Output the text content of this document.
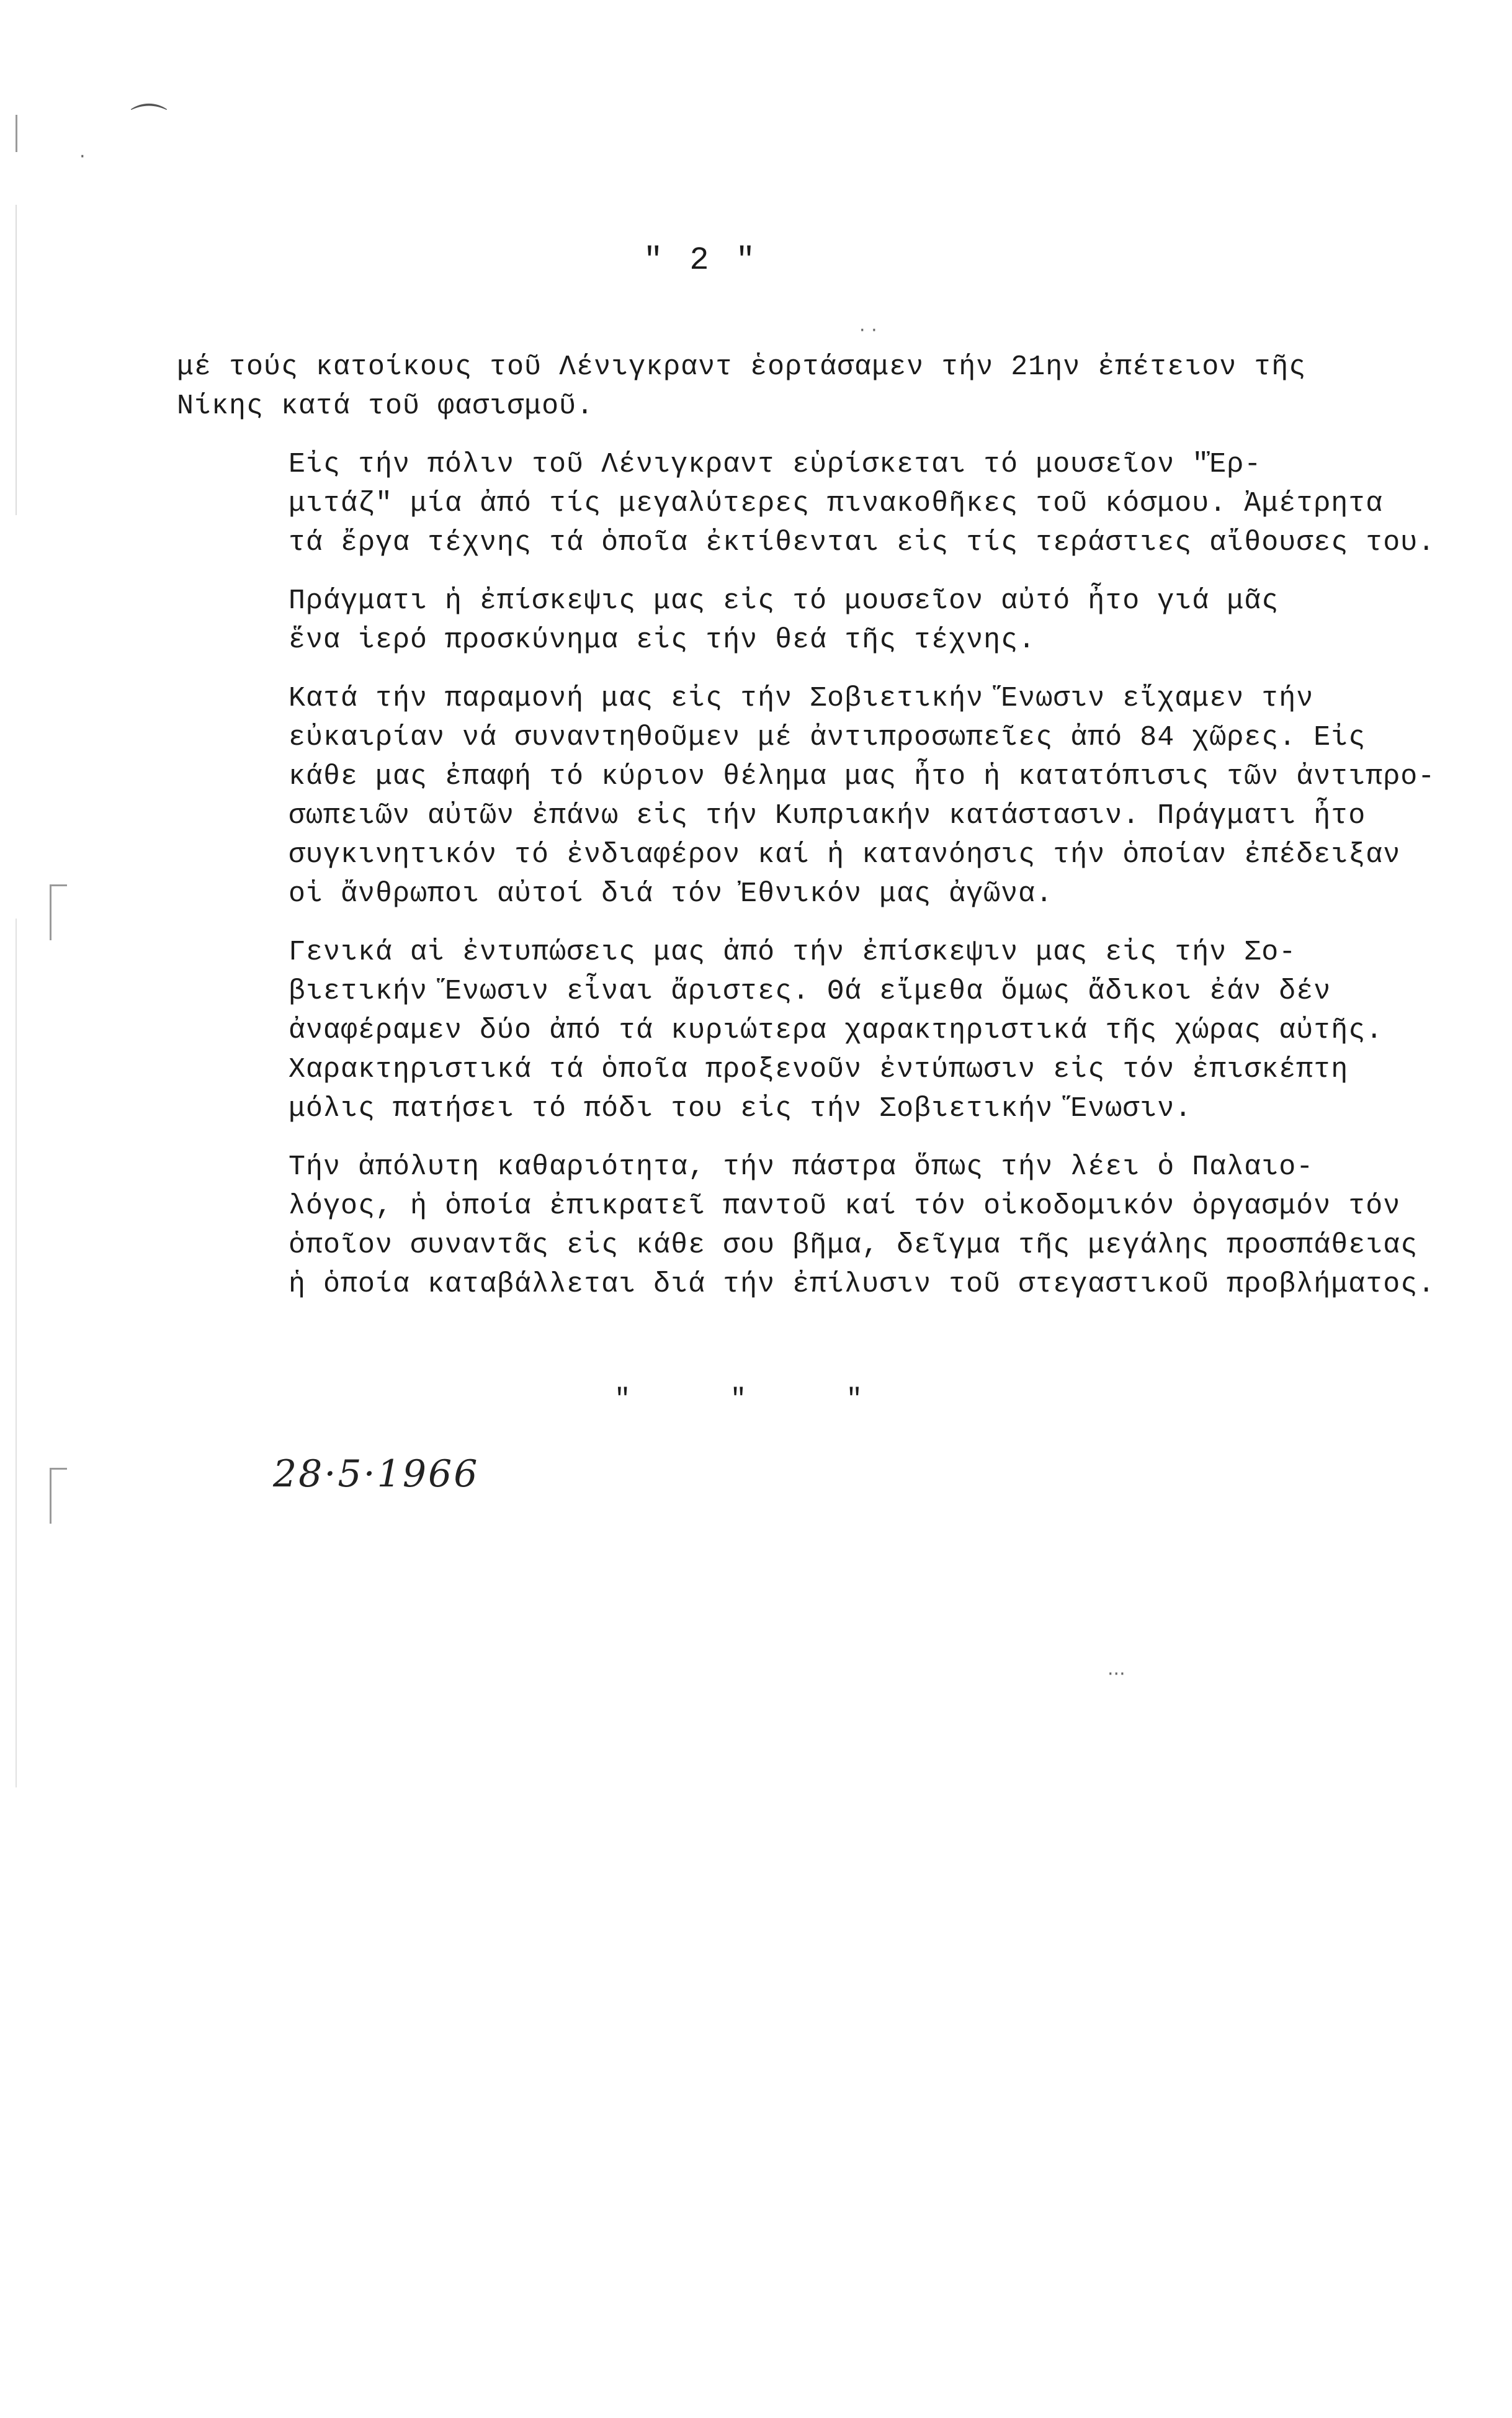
⌒
·
···
· ·
" 2 "

μέ τούς κατοίκους τοῦ Λένιγκραντ ἑορτάσαμεν τήν 21ην ἐπέτειον τῆς
Νίκης κατά τοῦ φασισμοῦ.

Εἰς τήν πόλιν τοῦ Λένιγκραντ εὑρίσκεται τό μουσεῖον "Ἐρ-
μιτάζ" μία ἀπό τίς μεγαλύτερες πινακοθῆκες τοῦ κόσμου. Ἀμέτρητα
τά ἔργα τέχνης τά ὁποῖα ἐκτίθενται εἰς τίς τεράστιες αἴθουσες του.

Πράγματι ἡ ἐπίσκεψις μας εἰς τό μουσεῖον αὐτό ἦτο γιά μᾶς
ἕνα ἱερό προσκύνημα εἰς τήν θεά τῆς τέχνης.

Κατά τήν παραμονή μας εἰς τήν Σοβιετικήν Ἕνωσιν εἴχαμεν τήν
εὐκαιρίαν νά συναντηθοῦμεν μέ ἀντιπροσωπεῖες ἀπό 84 χῶρες. Εἰς
κάθε μας ἐπαφή τό κύριον θέλημα μας ἦτο ἡ κατατόπισις τῶν ἀντιπρο-
σωπειῶν αὐτῶν ἐπάνω εἰς τήν Κυπριακήν κατάστασιν. Πράγματι ἦτο
συγκινητικόν τό ἐνδιαφέρον καί ἡ κατανόησις τήν ὁποίαν ἐπέδειξαν
οἱ ἄνθρωποι αὐτοί διά τόν Ἐθνικόν μας ἀγῶνα.

Γενικά αἱ ἐντυπώσεις μας ἀπό τήν ἐπίσκεψιν μας εἰς τήν Σο-
βιετικήν Ἕνωσιν εἶναι ἄριστες. Θά εἴμεθα ὅμως ἄδικοι ἐάν δέν
ἀναφέραμεν δύο ἀπό τά κυριώτερα χαρακτηριστικά τῆς χώρας αὐτῆς.
Χαρακτηριστικά τά ὁποῖα προξενοῦν ἐντύπωσιν εἰς τόν ἐπισκέπτη
μόλις πατήσει τό πόδι του εἰς τήν Σοβιετικήν Ἕνωσιν.

Τήν ἀπόλυτη καθαριότητα, τήν πάστρα ὅπως τήν λέει ὁ Παλαιο-
λόγος, ἡ ὁποία ἐπικρατεῖ παντοῦ καί τόν οἰκοδομικόν ὀργασμόν τόν
ὁποῖον συναντᾶς εἰς κάθε σου βῆμα, δεῖγμα τῆς μεγάλης προσπάθειας
ἡ ὁποία καταβάλλεται διά τήν ἐπίλυσιν τοῦ στεγαστικοῦ προβλήματος.

"	"	"
28·5·1966
